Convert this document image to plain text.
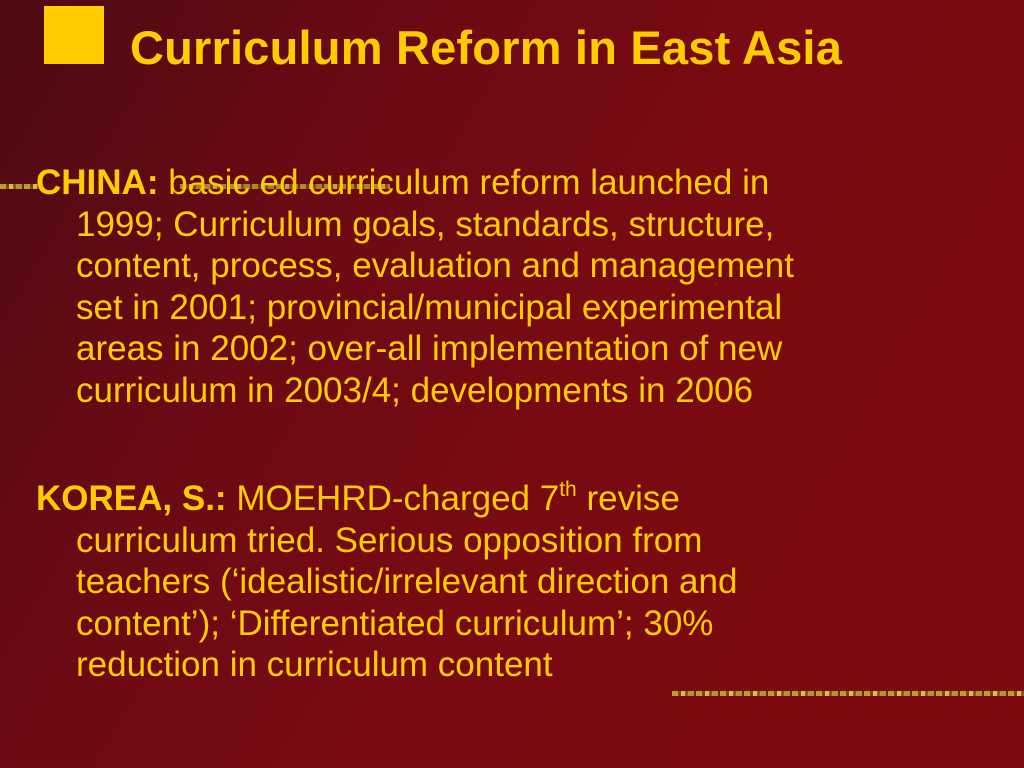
Curriculum Reform in East Asia

CHINA: basic ed curriculum reform launched in
1999; Curriculum goals, standards, structure,
content, process, evaluation and management
set in 2001; provincial/municipal experimental
areas in 2002; over-all implementation of new
curriculum in 2003/4; developments in 2006

KOREA, S.: MOEHRD-charged 7th revise
curriculum tried. Serious opposition from
teachers (‘idealistic/irrelevant direction and
content’); ‘Differentiated curriculum’; 30%
reduction in curriculum content
